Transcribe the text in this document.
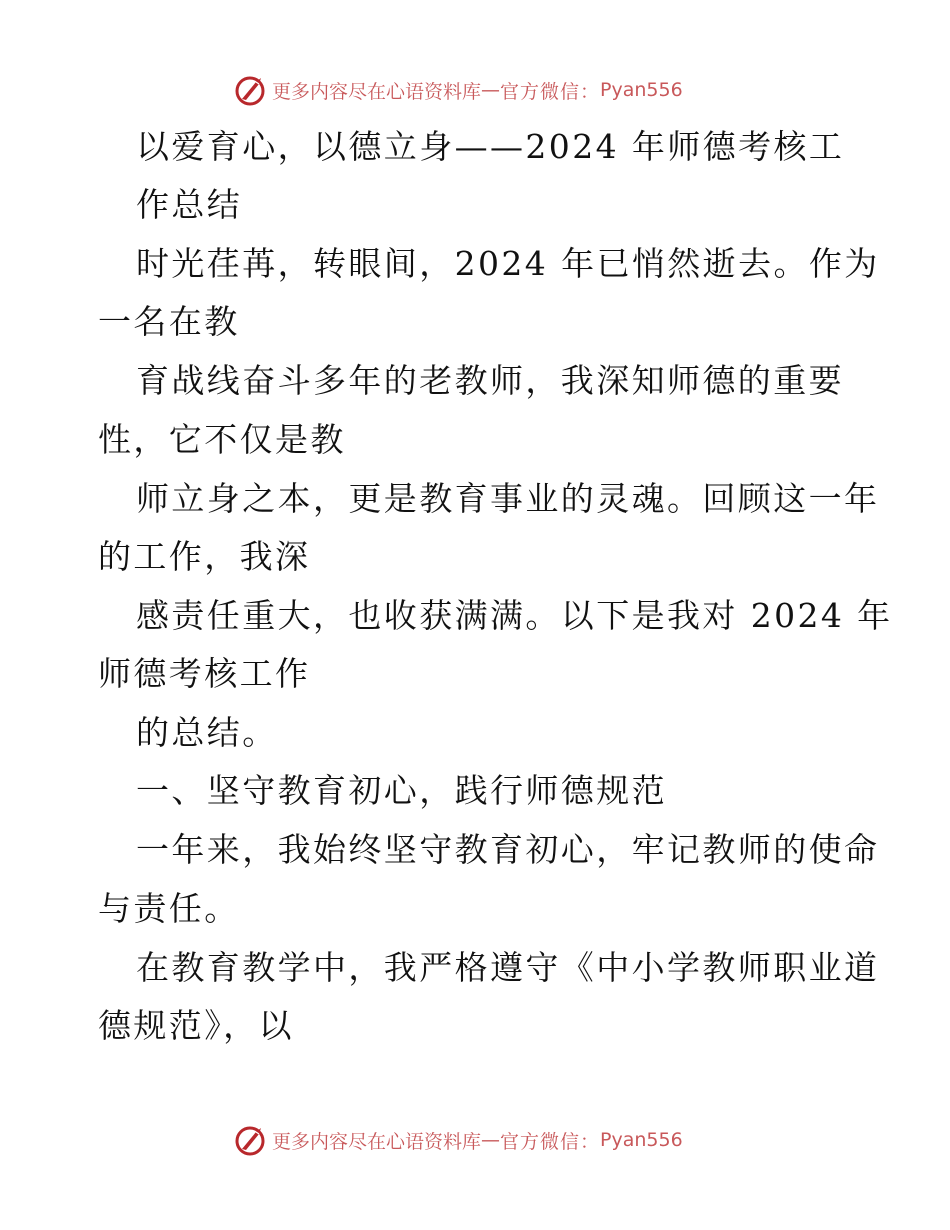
更多内容尽在心语资料库 — 官方微信： Pyan556
以爱育心，以德立身——2024 年师德考核工
作总结
时光荏苒，转眼间，2024 年已悄然逝去。作为
一名在教
育战线奋斗多年的老教师，我深知师德的重要
性，它不仅是教
师立身之本，更是教育事业的灵魂。回顾这一年
的工作，我深
感责任重大，也收获满满。以下是我对 2024 年
师德考核工作
的总结。
一、坚守教育初心，践行师德规范
一年来，我始终坚守教育初心，牢记教师的使命
与责任。
在教育教学中，我严格遵守《中小学教师职业道
德规范》，以
更多内容尽在心语资料库 — 官方微信： Pyan556
